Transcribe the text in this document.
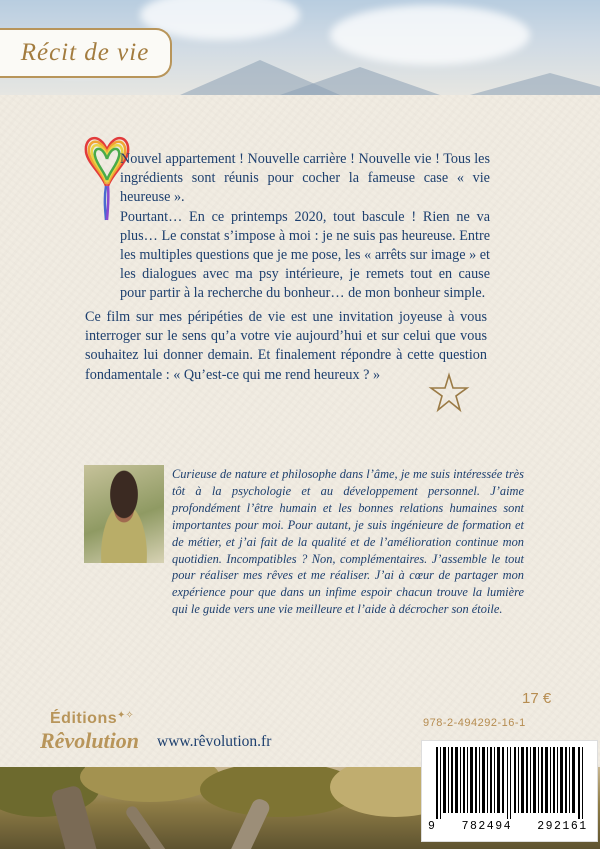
Récit de vie

Nouvel appartement ! Nouvelle carrière ! Nouvelle vie ! Tous les ingrédients sont réunis pour cocher la fameuse case « vie heureuse ».

Pourtant… En ce printemps 2020, tout bascule ! Rien ne va plus… Le constat s’impose à moi : je ne suis pas heureuse. Entre les multiples questions que je me pose, les « arrêts sur image » et les dialogues avec ma psy intérieure, je remets tout en cause pour partir à la recherche du bonheur… de mon bonheur simple.

Ce film sur mes péripéties de vie est une invitation joyeuse à vous interroger sur le sens qu’a votre vie aujourd’hui et sur celui que vous souhaitez lui donner demain. Et finalement répondre à cette question fondamentale : « Qu’est-ce qui me rend heureux ? »
Curieuse de nature et philosophe dans l’âme, je me suis intéressée très tôt à la psychologie et au développement personnel. J’aime profondément l’être humain et les bonnes relations humaines sont importantes pour moi. Pour autant, je suis ingénieure de formation et de métier, et j’ai fait de la qualité et de l’amélioration continue mon quotidien. Incompatibles ? Non, complémentaires. J’assemble le tout pour réaliser mes rêves et me réaliser. J’ai à cœur de partager mon expérience pour que dans un infime espoir chacun trouve la lumière qui le guide vers une vie meilleure et l’aide à décrocher son étoile.
17 €
978-2-494292-16-1
Éditions ✦✧
Rêvolution www.rêvolution.fr
9   782494   292161
